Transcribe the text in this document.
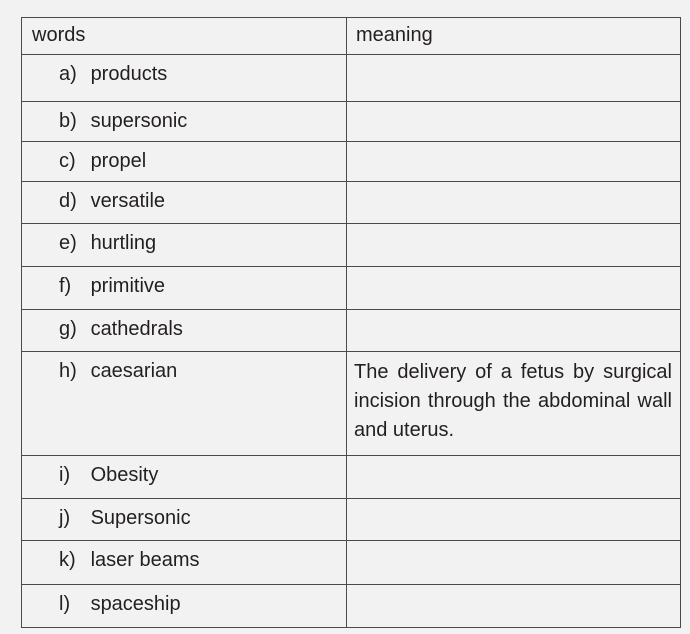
words	meaning
a) products	
b) supersonic	
c) propel	
d) versatile	
e) hurtling	
f) primitive	
g) cathedrals	
h) caesarian	The delivery of a fetus by surgical incision through the abdominal wall and uterus.
i) Obesity	
j) Supersonic	
k) laser beams	
l) spaceship	
